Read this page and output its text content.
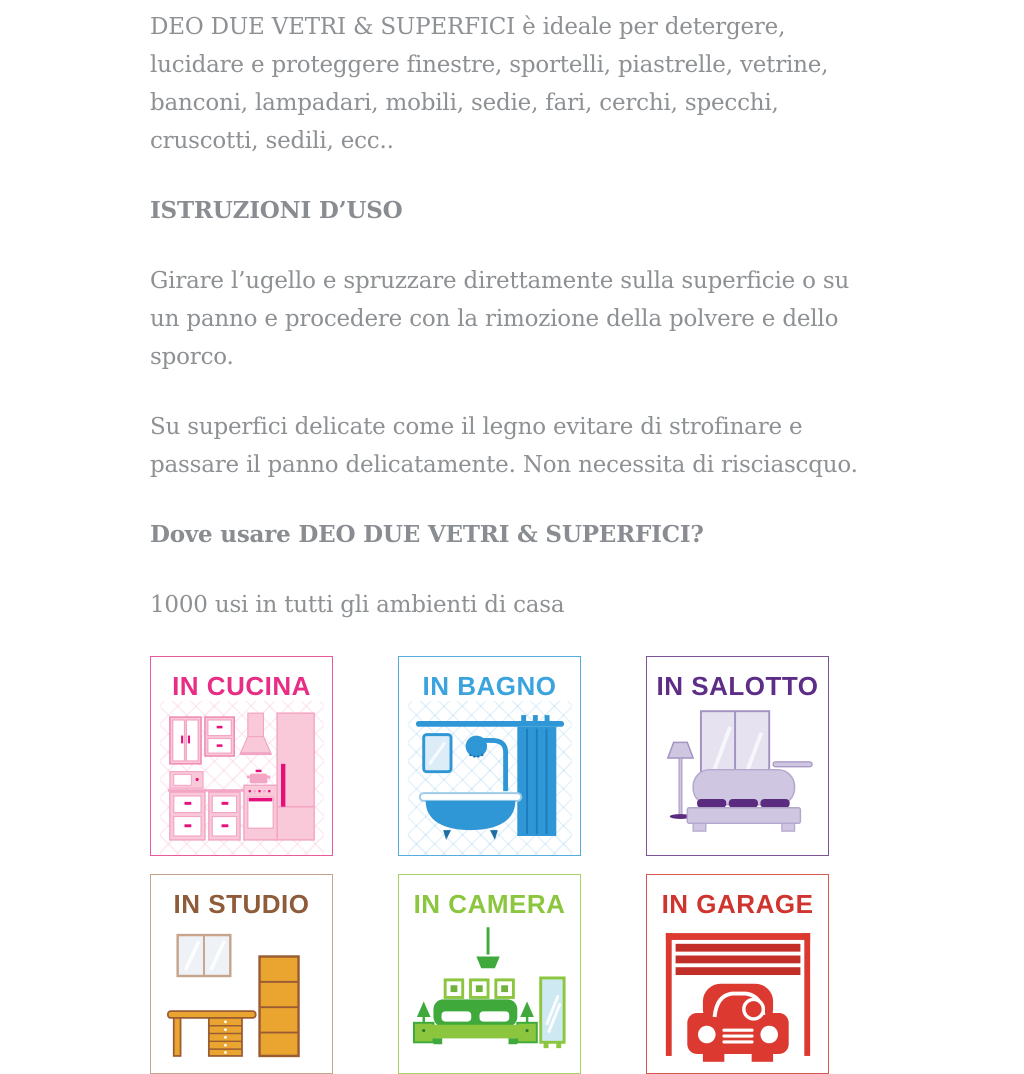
DEO DUE VETRI & SUPERFICI è ideale per detergere, lucidare e proteggere finestre, sportelli, piastrelle, vetrine, banconi, lampadari, mobili, sedie, fari, cerchi, specchi, cruscotti, sedili, ecc..

ISTRUZIONI D’USO

Girare l’ugello e spruzzare direttamente sulla superficie o su un panno e procedere con la rimozione della polvere e dello sporco.

Su superfici delicate come il legno evitare di strofinare e passare il panno delicatamente. Non necessita di risciascquo.

Dove usare DEO DUE VETRI & SUPERFICI?

1000 usi in tutti gli ambienti di casa

IN CUCINA	IN BAGNO	IN SALOTTO
IN STUDIO	IN CAMERA	IN GARAGE
